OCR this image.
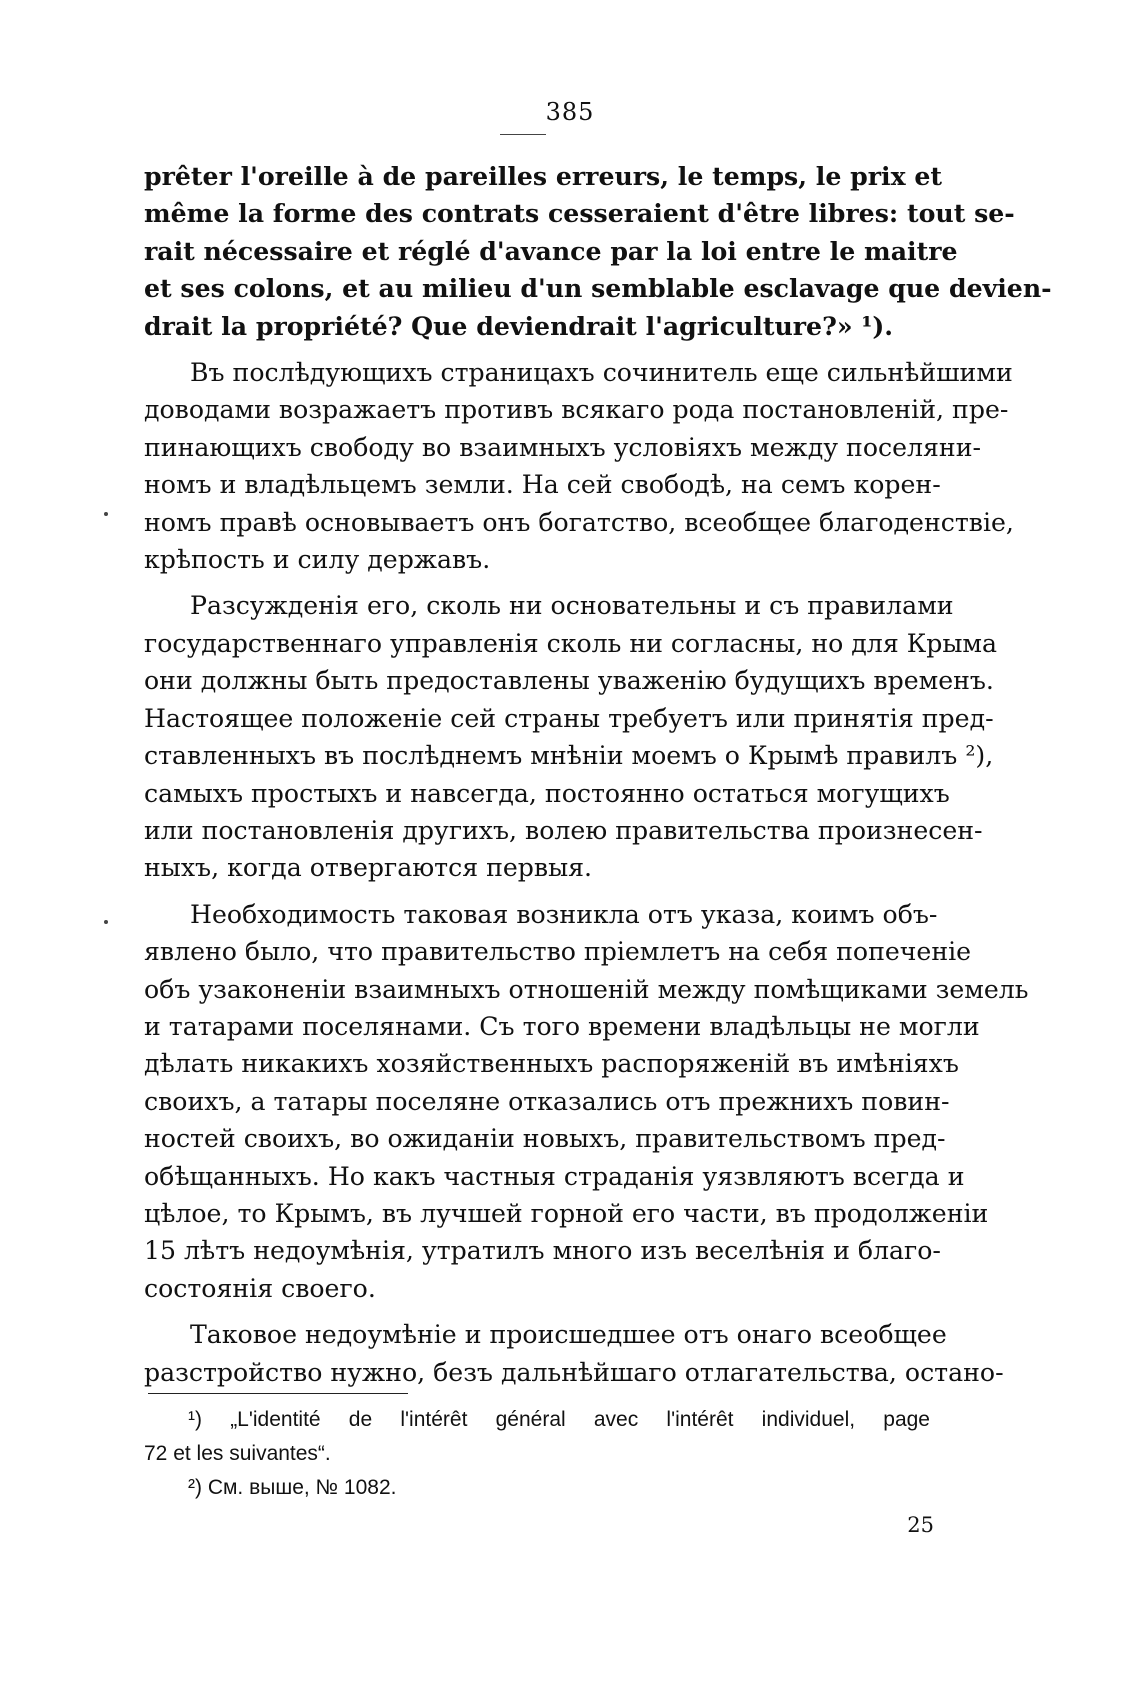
385
prêter l'oreille à de pareilles erreurs, le temps, le prix et
même la forme des contrats cesseraient d'être libres: tout se-
rait nécessaire et réglé d'avance par la loi entre le maitre
et ses colons, et au milieu d'un semblable esclavage que devien-
drait la propriété? Que deviendrait l'agriculture?» ¹).
Въ послѣдующихъ страницахъ сочинитель еще сильнѣйшими
доводами возражаетъ противъ всякаго рода постановленій, пре-
пинающихъ свободу во взаимныхъ условіяхъ между поселяни-
номъ и владѣльцемъ земли. На сей свободѣ, на семъ корен-
номъ правѣ основываетъ онъ богатство, всеобщее благоденствіе,
крѣпость и силу державъ.
Разсужденія его, сколь ни основательны и съ правилами
государственнаго управленія сколь ни согласны, но для Крыма
они должны быть предоставлены уваженію будущихъ временъ.
Настоящее положеніе сей страны требуетъ или принятія пред-
ставленныхъ въ послѣднемъ мнѣніи моемъ о Крымѣ правилъ ²),
самыхъ простыхъ и навсегда, постоянно остаться могущихъ
или постановленія другихъ, волею правительства произнесен-
ныхъ, когда отвергаются первыя.
Необходимость таковая возникла отъ указа, коимъ объ-
явлено было, что правительство пріемлетъ на себя попеченіе
объ узаконеніи взаимныхъ отношеній между помѣщиками земель
и татарами поселянами. Съ того времени владѣльцы не могли
дѣлать никакихъ хозяйственныхъ распоряженій въ имѣніяхъ
своихъ, а татары поселяне отказались отъ прежнихъ повин-
ностей своихъ, во ожиданіи новыхъ, правительствомъ пред-
обѣщанныхъ. Но какъ частныя страданія уязвляютъ всегда и
цѣлое, то Крымъ, въ лучшей горной его части, въ продолженіи
15 лѣтъ недоумѣнія, утратилъ много изъ веселѣнія и благо-
состоянія своего.
Таковое недоумѣніе и происшедшее отъ онаго всеобщее
разстройство нужно, безъ дальнѣйшаго отлагательства, остано-
¹) „L'identité de l'intérêt général avec l'intérêt individuel, page
72 et les suivantes“.
²) См. выше, № 1082.
25
